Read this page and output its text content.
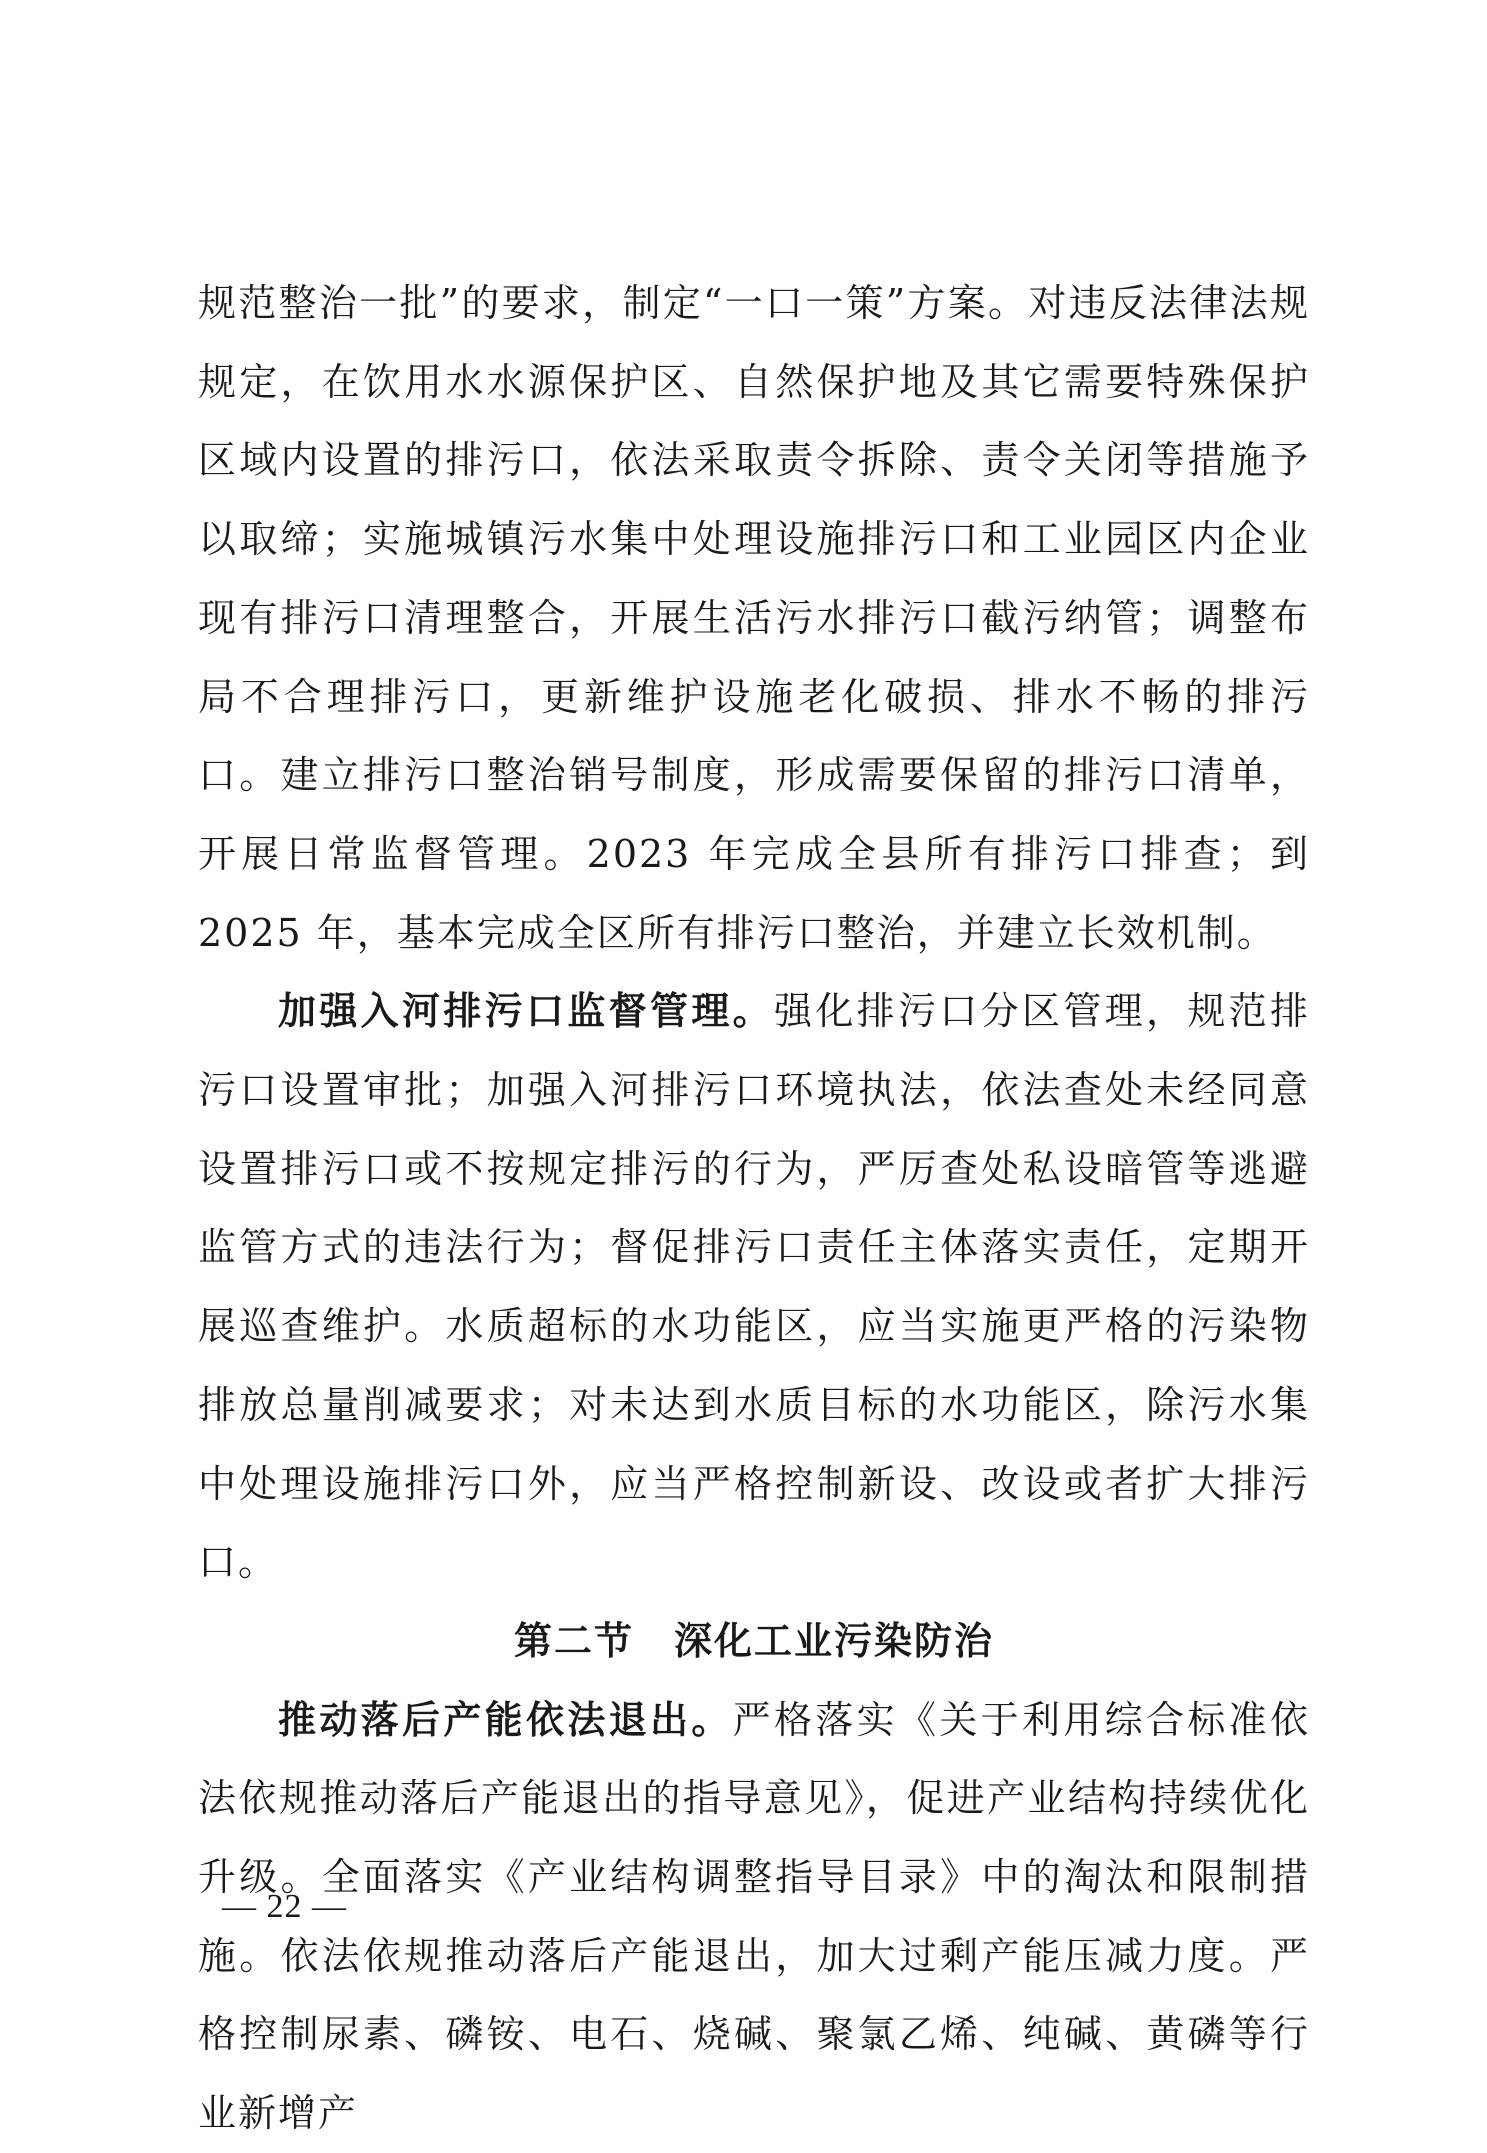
规范整治一批”的要求，制定“一口一策”方案。对违反法律法规规定，在饮用水水源保护区、自然保护地及其它需要特殊保护区域内设置的排污口，依法采取责令拆除、责令关闭等措施予以取缔；实施城镇污水集中处理设施排污口和工业园区内企业现有排污口清理整合，开展生活污水排污口截污纳管；调整布局不合理排污口，更新维护设施老化破损、排水不畅的排污口。建立排污口整治销号制度，形成需要保留的排污口清单，开展日常监督管理。2023 年完成全县所有排污口排查；到 2025 年，基本完成全区所有排污口整治，并建立长效机制。

加强入河排污口监督管理。强化排污口分区管理，规范排污口设置审批；加强入河排污口环境执法，依法查处未经同意设置排污口或不按规定排污的行为，严厉查处私设暗管等逃避监管方式的违法行为；督促排污口责任主体落实责任，定期开展巡查维护。水质超标的水功能区，应当实施更严格的污染物排放总量削减要求；对未达到水质目标的水功能区，除污水集中处理设施排污口外，应当严格控制新设、改设或者扩大排污口。

第二节　深化工业污染防治

推动落后产能依法退出。严格落实《关于利用综合标准依法依规推动落后产能退出的指导意见》，促进产业结构持续优化升级。全面落实《产业结构调整指导目录》中的淘汰和限制措施。依法依规推动落后产能退出，加大过剩产能压减力度。严格控制尿素、磷铵、电石、烧碱、聚氯乙烯、纯碱、黄磷等行业新增产

— 22 —
